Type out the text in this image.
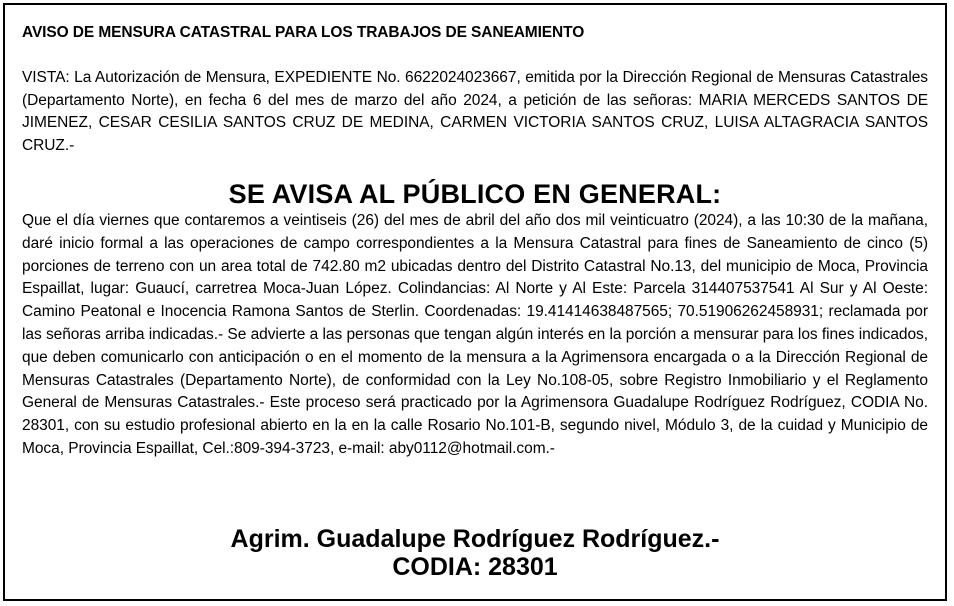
AVISO DE MENSURA CATASTRAL PARA LOS TRABAJOS DE SANEAMIENTO
VISTA: La Autorización de Mensura, EXPEDIENTE No. 6622024023667, emitida por la Dirección Regional de Mensuras Catastrales (Departamento Norte), en fecha 6 del mes de marzo del año 2024, a petición de las señoras: MARIA MERCEDS SANTOS DE JIMENEZ, CESAR CESILIA SANTOS CRUZ DE MEDINA, CARMEN VICTORIA SANTOS CRUZ, LUISA ALTAGRACIA SANTOS CRUZ.-
SE AVISA AL PÚBLICO EN GENERAL:
Que el día viernes que contaremos a veintiseis (26) del mes de abril del año dos mil veinticuatro (2024), a las 10:30 de la mañana, daré inicio formal a las operaciones de campo correspondientes a la Mensura Catastral para fines de Saneamiento de cinco (5) porciones de terreno con un area total de 742.80 m2 ubicadas dentro del Distrito Catastral No.13, del municipio de Moca, Provincia Espaillat, lugar: Guaucí, carretrea Moca-Juan López. Colindancias: Al Norte y Al Este: Parcela 314407537541 Al Sur y Al Oeste: Camino Peatonal e Inocencia Ramona Santos de Sterlin. Coordenadas: 19.41414638487565; 70.51906262458931; reclamada por las señoras arriba indicadas.- Se advierte a las personas que tengan algún interés en la porción a mensurar para los fines indicados, que deben comunicarlo con anticipación o en el momento de la mensura a la Agrimensora encargada o a la Dirección Regional de Mensuras Catastrales (Departamento Norte), de conformidad con la Ley No.108-05, sobre Registro Inmobiliario y el Reglamento General de Mensuras Catastrales.- Este proceso será practicado por la Agrimensora Guadalupe Rodríguez Rodríguez, CODIA No. 28301, con su estudio profesional abierto en la en la calle Rosario No.101-B, segundo nivel, Módulo 3, de la cuidad y Municipio de Moca, Provincia Espaillat, Cel.:809-394-3723, e-mail: aby0112@hotmail.com.-
Agrim. Guadalupe Rodríguez Rodríguez.-
CODIA: 28301
